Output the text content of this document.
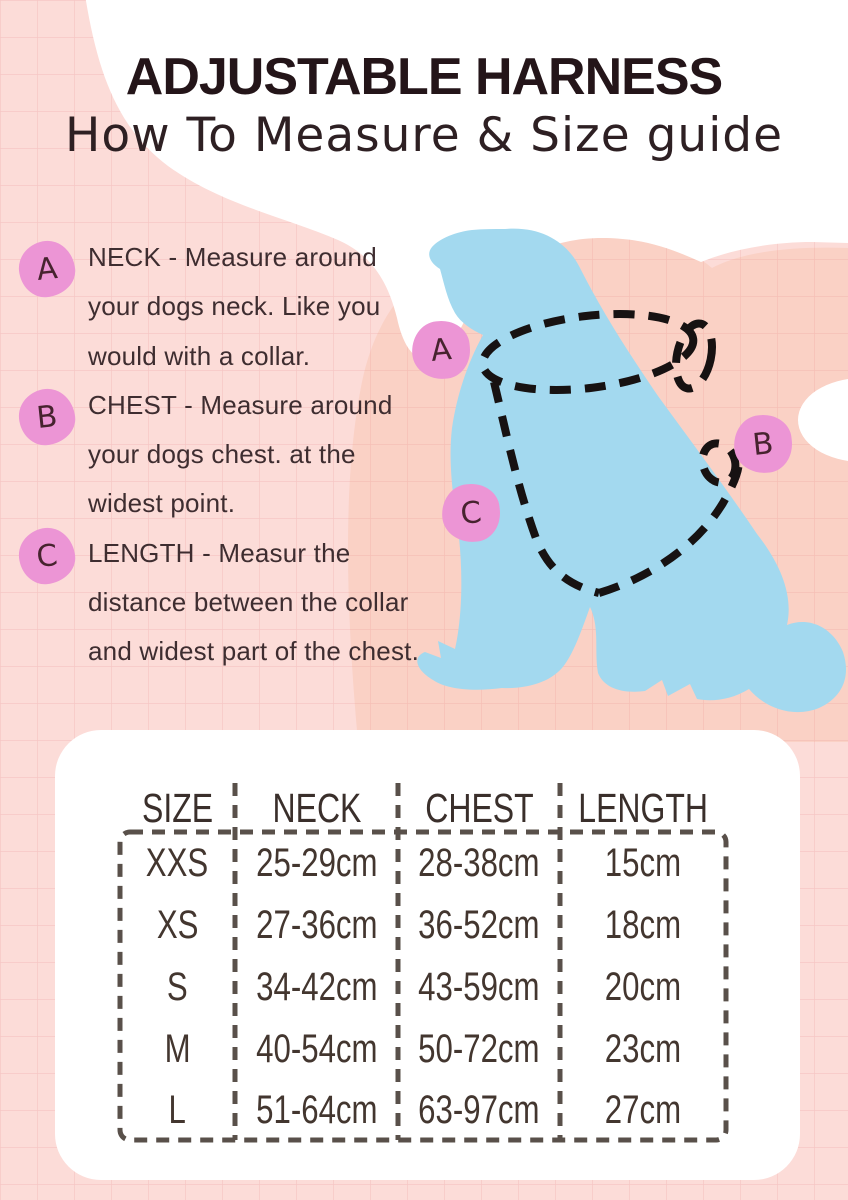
ADJUSTABLE HARNESS
How To Measure & Size guide
NECK - Measure around
your dogs neck. Like you
would with a collar.
CHEST - Measure around
your dogs chest. at the
widest point.
LENGTH - Measur the
distance between the collar
and widest part of the chest.
A
B
C
A
B
C
SIZE NECK CHEST LENGTH
XXS 25-29cm 28-38cm 15cm
XS 27-36cm 36-52cm 18cm
S 34-42cm 43-59cm 20cm
M 40-54cm 50-72cm 23cm
L 51-64cm 63-97cm 27cm
